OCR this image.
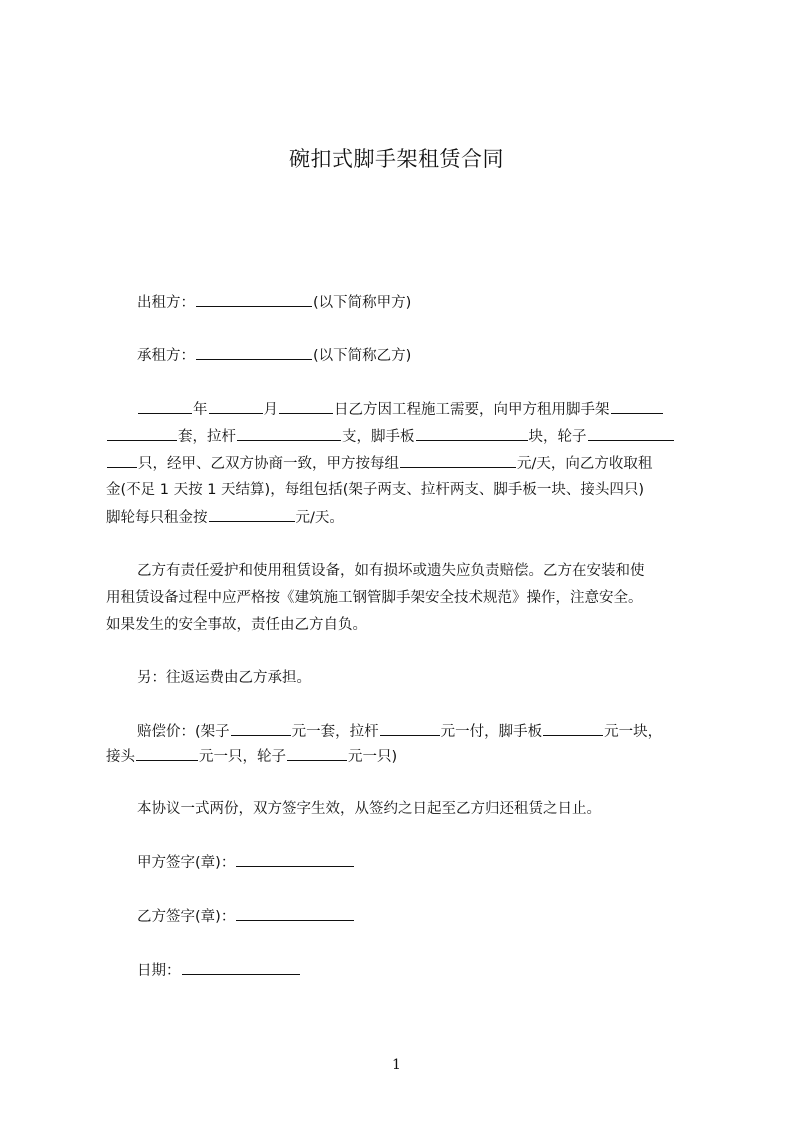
碗扣式脚手架租赁合同
出租方：	(以下简称甲方)
承租方：	(以下简称乙方)
年	月	日乙方因工程施工需要，向甲方租用脚手架
套，拉杆	支，脚手板	块，轮子
只，经甲、乙双方协商一致，甲方按每组	元/天，向乙方收取租
金(不足 1 天按 1 天结算)，每组包括(架子两支、拉杆两支、脚手板一块、接头四只)
脚轮每只租金按	元/天。
乙方有责任爱护和使用租赁设备，如有损坏或遗失应负责赔偿。乙方在安装和使
用租赁设备过程中应严格按《建筑施工钢管脚手架安全技术规范》操作，注意安全。
如果发生的安全事故，责任由乙方自负。
另：往返运费由乙方承担。
赔偿价：(架子	元一套，拉杆	元一付，脚手板	元一块，
接头	元一只，轮子	元一只)
本协议一式两份，双方签字生效，从签约之日起至乙方归还租赁之日止。
甲方签字(章)：
乙方签字(章)：
日期：
1
